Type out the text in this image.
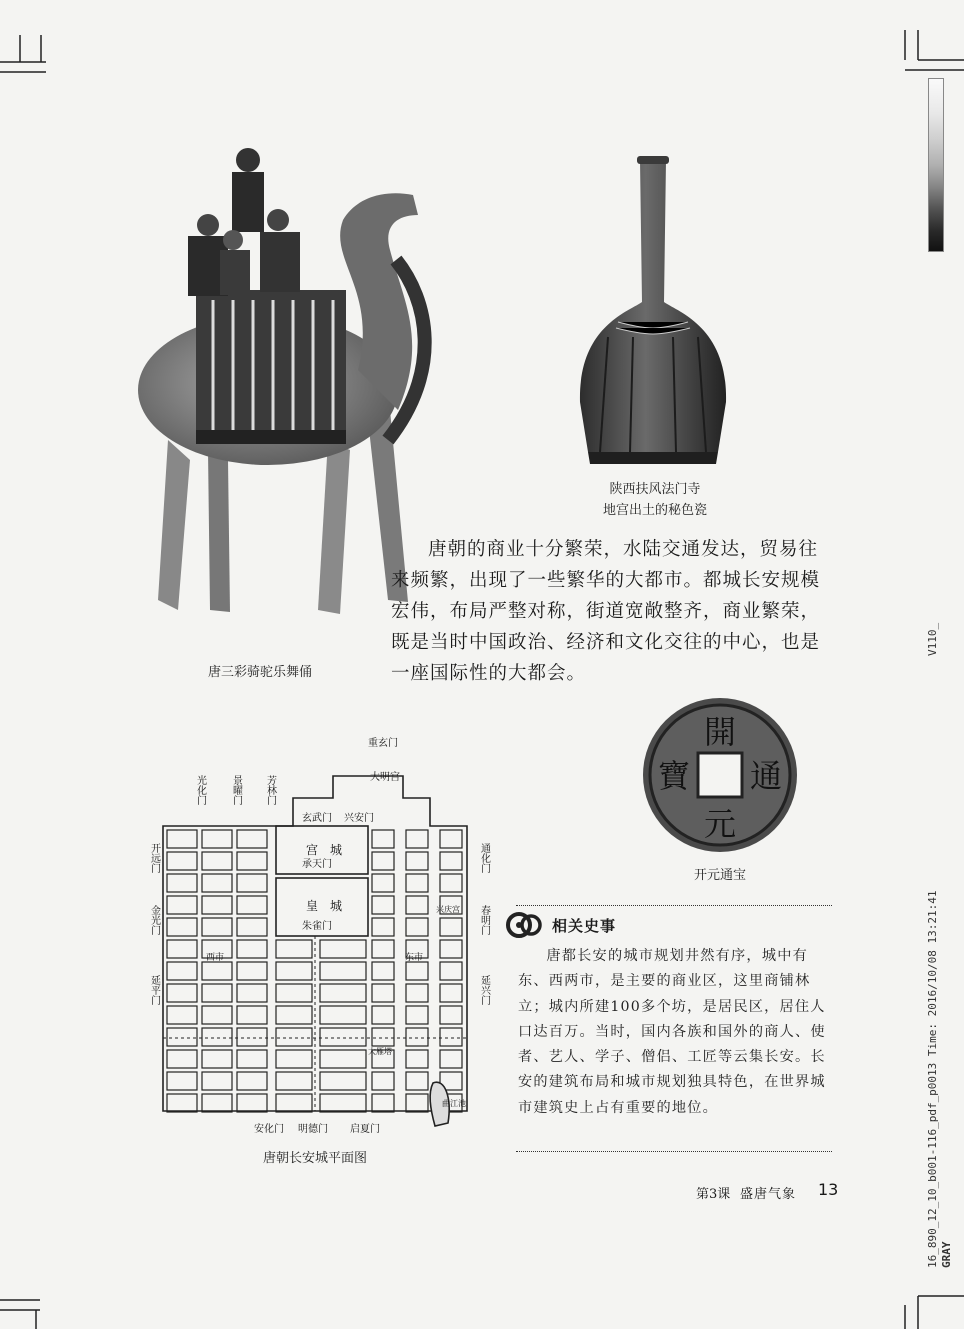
V110_
16_890_12_10_b001-116_pdf_p0013 Time: 2016/10/08 13:21:41 GRAY
唐三彩骑驼乐舞俑
陕西扶风法门寺
地宫出土的秘色瓷

唐朝的商业十分繁荣，水陆交通发达，贸易往来频繁，出现了一些繁华的大都市。都城长安规模宏伟，布局严整对称，街道宽敞整齐，商业繁荣，既是当时中国政治、经济和文化交往的中心，也是一座国际性的大都会。

開
元
通
寶
开元通宝
重玄门
大明宫
玄武门 兴安门
宫　城
承天门
皇　城
朱雀门
兴庆宫
西市	东市
大雁塔
安化门 明德门 启夏门
曲江池
光化门	景曜门 芳林门
开远门
金光门
延平门
通化门
春明门
延兴门
唐朝长安城平面图
相关史事

唐都长安的城市规划井然有序，城中有东、西两市，是主要的商业区，这里商铺林立；城内所建100多个坊，是居民区，居住人口达百万。当时，国内各族和国外的商人、使者、艺人、学子、僧侣、工匠等云集长安。长安的建筑布局和城市规划独具特色，在世界城市建筑史上占有重要的地位。

第3课 盛唐气象 13
